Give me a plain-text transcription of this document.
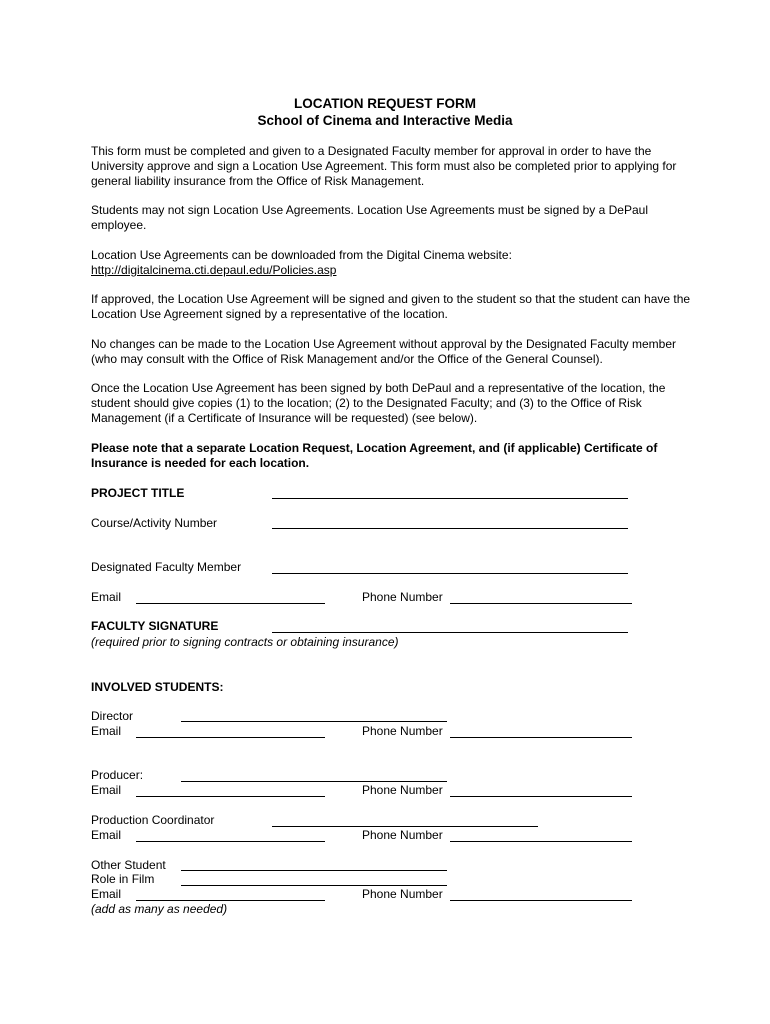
LOCATION REQUEST FORM
School of Cinema and Interactive Media
This form must be completed and given to a Designated Faculty member for approval in order to have the University approve and sign a Location Use Agreement. This form must also be completed prior to applying for general liability insurance from the Office of Risk Management.
Students may not sign Location Use Agreements. Location Use Agreements must be signed by a DePaul employee.
Location Use Agreements can be downloaded from the Digital Cinema website:
http://digitalcinema.cti.depaul.edu/Policies.asp
If approved, the Location Use Agreement will be signed and given to the student so that the student can have the Location Use Agreement signed by a representative of the location.
No changes can be made to the Location Use Agreement without approval by the Designated Faculty member (who may consult with the Office of Risk Management and/or the Office of the General Counsel).
Once the Location Use Agreement has been signed by both DePaul and a representative of the location, the student should give copies (1) to the location; (2) to the Designated Faculty; and (3) to the Office of Risk Management (if a Certificate of Insurance will be requested) (see below).
Please note that a separate Location Request, Location Agreement, and (if applicable) Certificate of Insurance is needed for each location.
PROJECT TITLE
Course/Activity Number
Designated Faculty Member
Email	Phone Number
FACULTY SIGNATURE
(required prior to signing contracts or obtaining insurance)
INVOLVED STUDENTS:
Director
Email	Phone Number
Producer:
Email	Phone Number
Production Coordinator
Email	Phone Number
Other Student
Role in Film
Email	Phone Number
(add as many as needed)
